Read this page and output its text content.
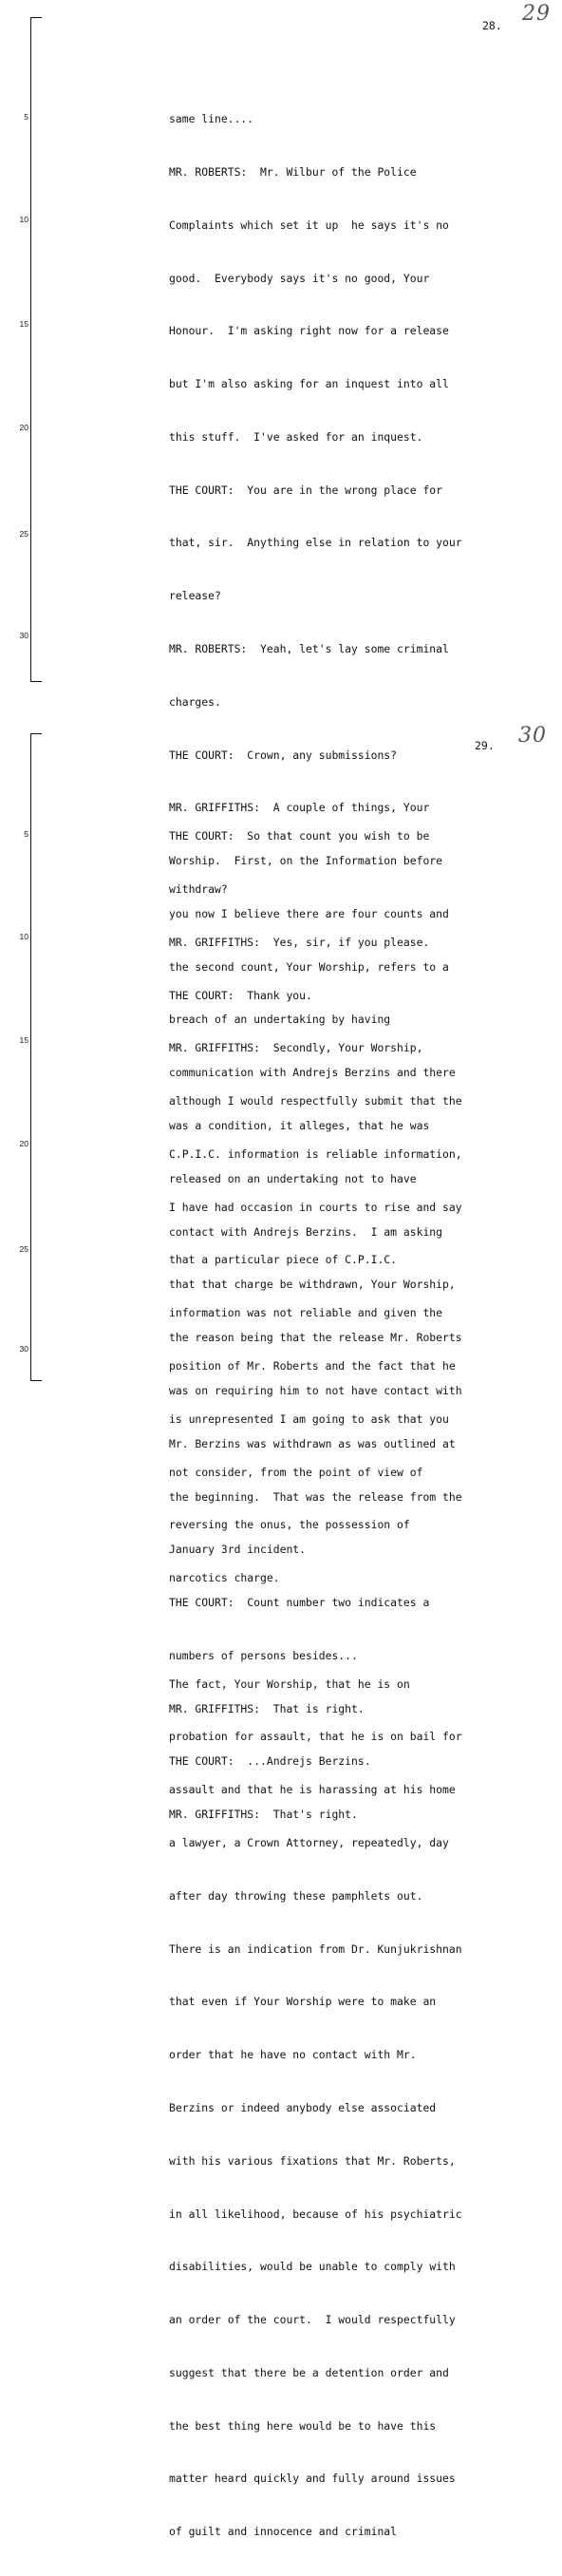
28. 29
5
10
15
20
25
30

same line....

MR. ROBERTS:  Mr. Wilbur of the Police

Complaints which set it up  he says it's no

good.  Everybody says it's no good, Your

Honour.  I'm asking right now for a release

but I'm also asking for an inquest into all

this stuff.  I've asked for an inquest.

THE COURT:  You are in the wrong place for

that, sir.  Anything else in relation to your

release?

MR. ROBERTS:  Yeah, let's lay some criminal

charges.

THE COURT:  Crown, any submissions?

MR. GRIFFITHS:  A couple of things, Your

Worship.  First, on the Information before

you now I believe there are four counts and

the second count, Your Worship, refers to a

breach of an undertaking by having

communication with Andrejs Berzins and there

was a condition, it alleges, that he was

released on an undertaking not to have

contact with Andrejs Berzins.  I am asking

that that charge be withdrawn, Your Worship,

the reason being that the release Mr. Roberts

was on requiring him to not have contact with

Mr. Berzins was withdrawn as was outlined at

the beginning.  That was the release from the

January 3rd incident.

THE COURT:  Count number two indicates a

numbers of persons besides...

MR. GRIFFITHS:  That is right.

THE COURT:  ...Andrejs Berzins.

MR. GRIFFITHS:  That's right.

29. 30
5
10
15
20
25
30

THE COURT:  So that count you wish to be

withdraw?

MR. GRIFFITHS:  Yes, sir, if you please.

THE COURT:  Thank you.

MR. GRIFFITHS:  Secondly, Your Worship,

although I would respectfully submit that the

C.P.I.C. information is reliable information,

I have had occasion in courts to rise and say

that a particular piece of C.P.I.C.

information was not reliable and given the

position of Mr. Roberts and the fact that he

is unrepresented I am going to ask that you

not consider, from the point of view of

reversing the onus, the possession of

narcotics charge.

The fact, Your Worship, that he is on

probation for assault, that he is on bail for

assault and that he is harassing at his home

a lawyer, a Crown Attorney, repeatedly, day

after day throwing these pamphlets out.

There is an indication from Dr. Kunjukrishnan

that even if Your Worship were to make an

order that he have no contact with Mr.

Berzins or indeed anybody else associated

with his various fixations that Mr. Roberts,

in all likelihood, because of his psychiatric

disabilities, would be unable to comply with

an order of the court.  I would respectfully

suggest that there be a detention order and

the best thing here would be to have this

matter heard quickly and fully around issues

of guilt and innocence and criminal
